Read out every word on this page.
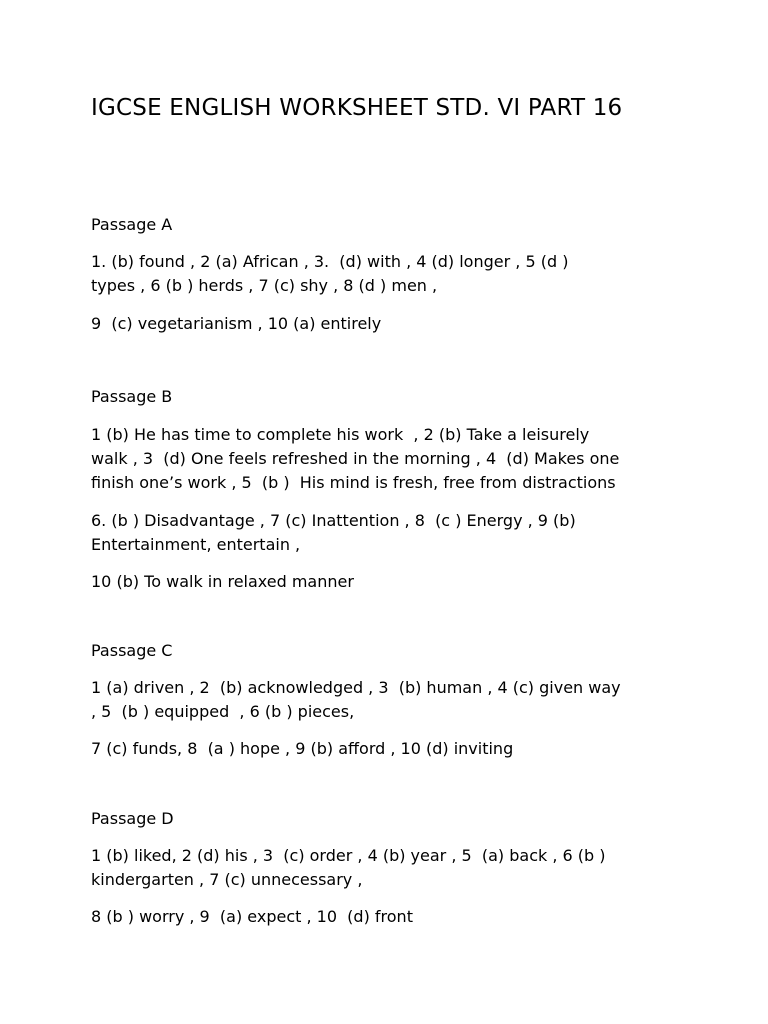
IGCSE ENGLISH WORKSHEET STD. VI PART 16
Passage A

1. (b) found , 2 (a) African , 3.  (d) with , 4 (d) longer , 5 (d )
types , 6 (b ) herds , 7 (c) shy , 8 (d ) men ,

9  (c) vegetarianism , 10 (a) entirely

Passage B

1 (b) He has time to complete his work  , 2 (b) Take a leisurely
walk , 3  (d) One feels refreshed in the morning , 4  (d) Makes one
finish one’s work , 5  (b )  His mind is fresh, free from distractions

6. (b ) Disadvantage , 7 (c) Inattention , 8  (c ) Energy , 9 (b)
Entertainment, entertain ,

10 (b) To walk in relaxed manner

Passage C

1 (a) driven , 2  (b) acknowledged , 3  (b) human , 4 (c) given way
, 5  (b ) equipped  , 6 (b ) pieces,

7 (c) funds, 8  (a ) hope , 9 (b) afford , 10 (d) inviting

Passage D

1 (b) liked, 2 (d) his , 3  (c) order , 4 (b) year , 5  (a) back , 6 (b )
kindergarten , 7 (c) unnecessary ,

8 (b ) worry , 9  (a) expect , 10  (d) front
